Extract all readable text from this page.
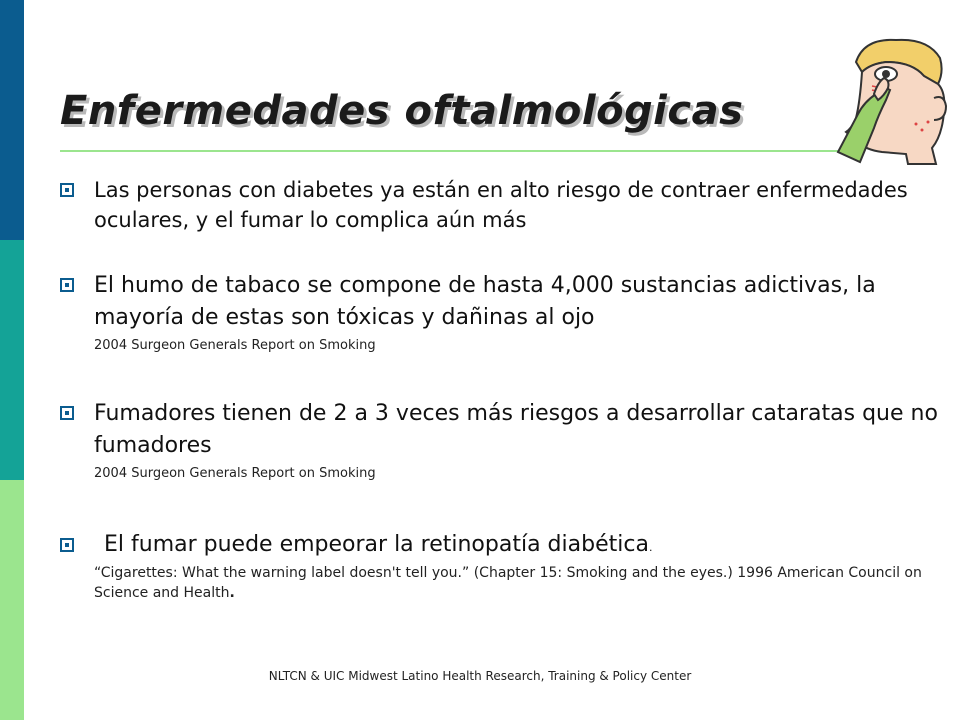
Enfermedades oftalmológicas
Las personas con diabetes ya están en alto riesgo de contraer enfermedades oculares, y el fumar lo complica aún más
El humo de tabaco se compone de hasta 4,000 sustancias adictivas, la mayoría de estas son tóxicas y dañinas al ojo
2004 Surgeon Generals Report on Smoking
Fumadores tienen de 2 a 3 veces más riesgos a desarrollar cataratas que no fumadores
2004 Surgeon Generals Report on Smoking
El fumar puede empeorar la retinopatía diabética.
“Cigarettes: What the warning label doesn't tell you.” (Chapter 15: Smoking and the eyes.) 1996 American Council on Science and Health.
NLTCN & UIC Midwest Latino Health Research, Training & Policy Center
